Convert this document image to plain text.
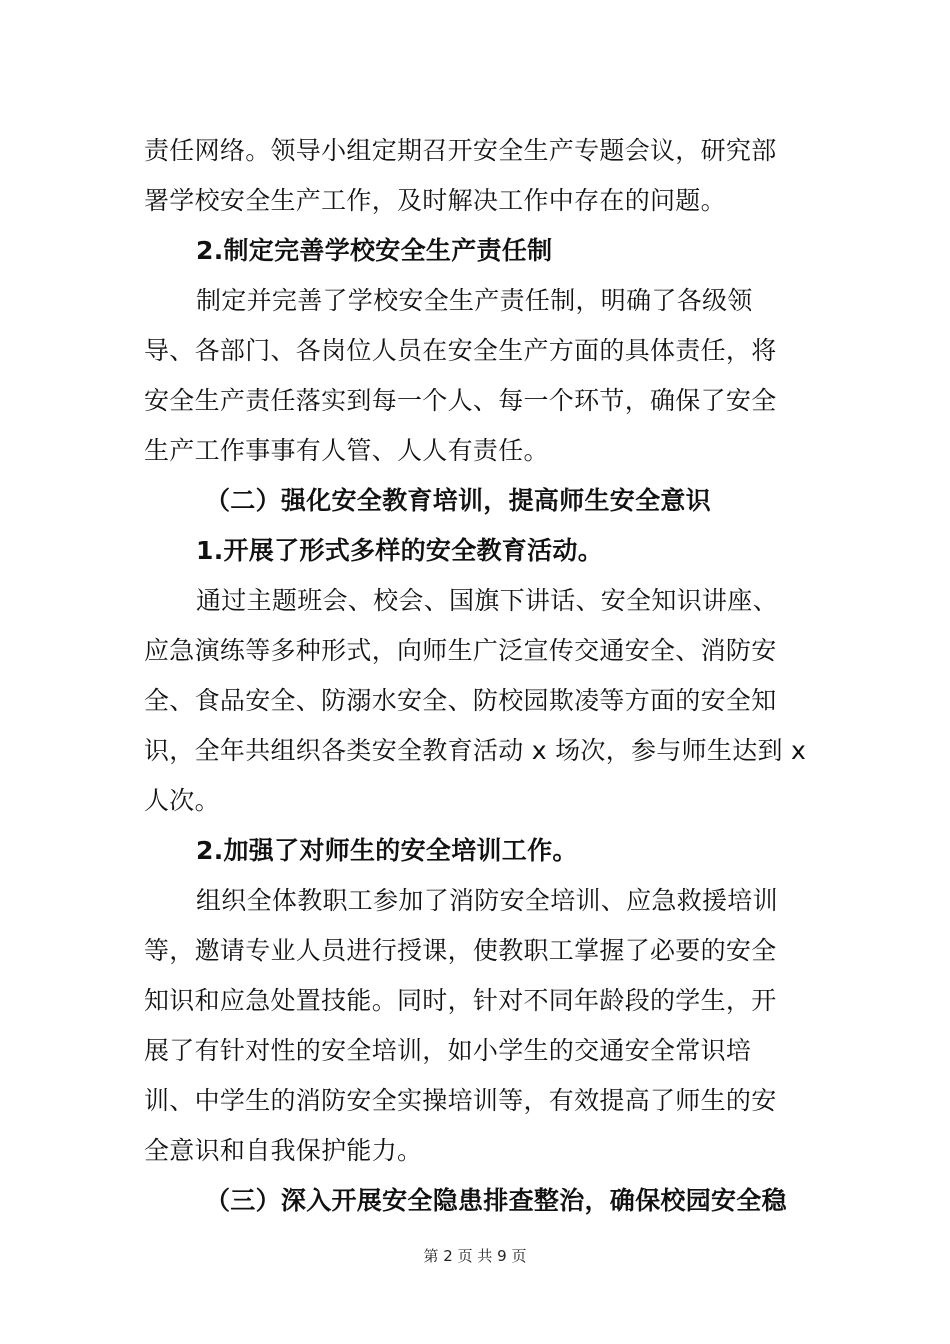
责任网络。领导小组定期召开安全生产专题会议，研究部
署学校安全生产工作，及时解决工作中存在的问题。
2.制定完善学校安全生产责任制
制定并完善了学校安全生产责任制，明确了各级领
导、各部门、各岗位人员在安全生产方面的具体责任，将
安全生产责任落实到每一个人、每一个环节，确保了安全
生产工作事事有人管、人人有责任。
（二）强化安全教育培训，提高师生安全意识
1.开展了形式多样的安全教育活动。
通过主题班会、校会、国旗下讲话、安全知识讲座、
应急演练等多种形式，向师生广泛宣传交通安全、消防安
全、食品安全、防溺水安全、防校园欺凌等方面的安全知
识，全年共组织各类安全教育活动 x 场次，参与师生达到 x
人次。
2.加强了对师生的安全培训工作。
组织全体教职工参加了消防安全培训、应急救援培训
等，邀请专业人员进行授课，使教职工掌握了必要的安全
知识和应急处置技能。同时，针对不同年龄段的学生，开
展了有针对性的安全培训，如小学生的交通安全常识培
训、中学生的消防安全实操培训等，有效提高了师生的安
全意识和自我保护能力。
（三）深入开展安全隐患排查整治，确保校园安全稳
第 2 页 共 9 页
